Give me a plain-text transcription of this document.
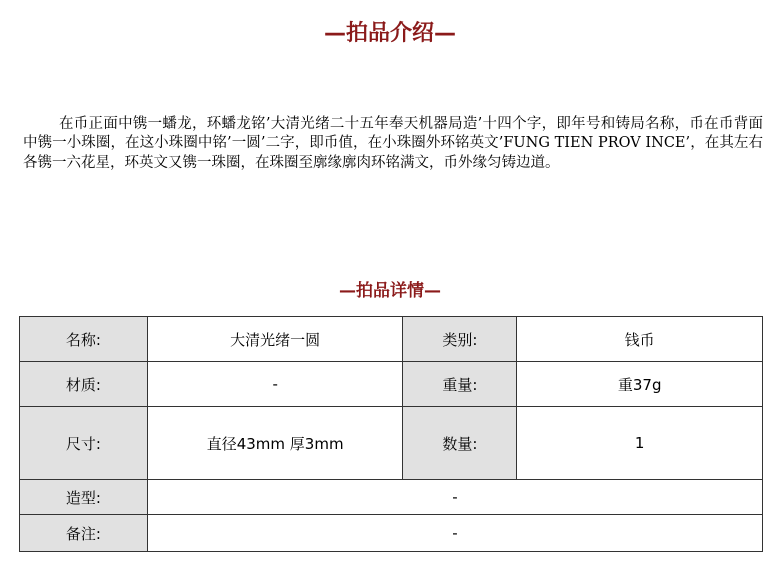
—拍品介绍—

在币正面中镌一蟠龙，环蟠龙铭’大清光绪二十五年奉天机器局造’十四个字，即年号和铸局名称，币在币背面中镌一小珠圈，在这小珠圈中铭’一圆’二字，即币值，在小珠圈外环铭英文’FUNG TIEN PROV INCE’，在其左右各镌一六花星，环英文又镌一珠圈，在珠圈至廓缘廓肉环铭满文，币外缘匀铸边道。

—拍品详情—
名称:	大清光绪一圆	类别:	钱币
材质:	-	重量:	重37g
尺寸:	直径43mm 厚3mm	数量:	1
造型:	-		
备注:	-		
